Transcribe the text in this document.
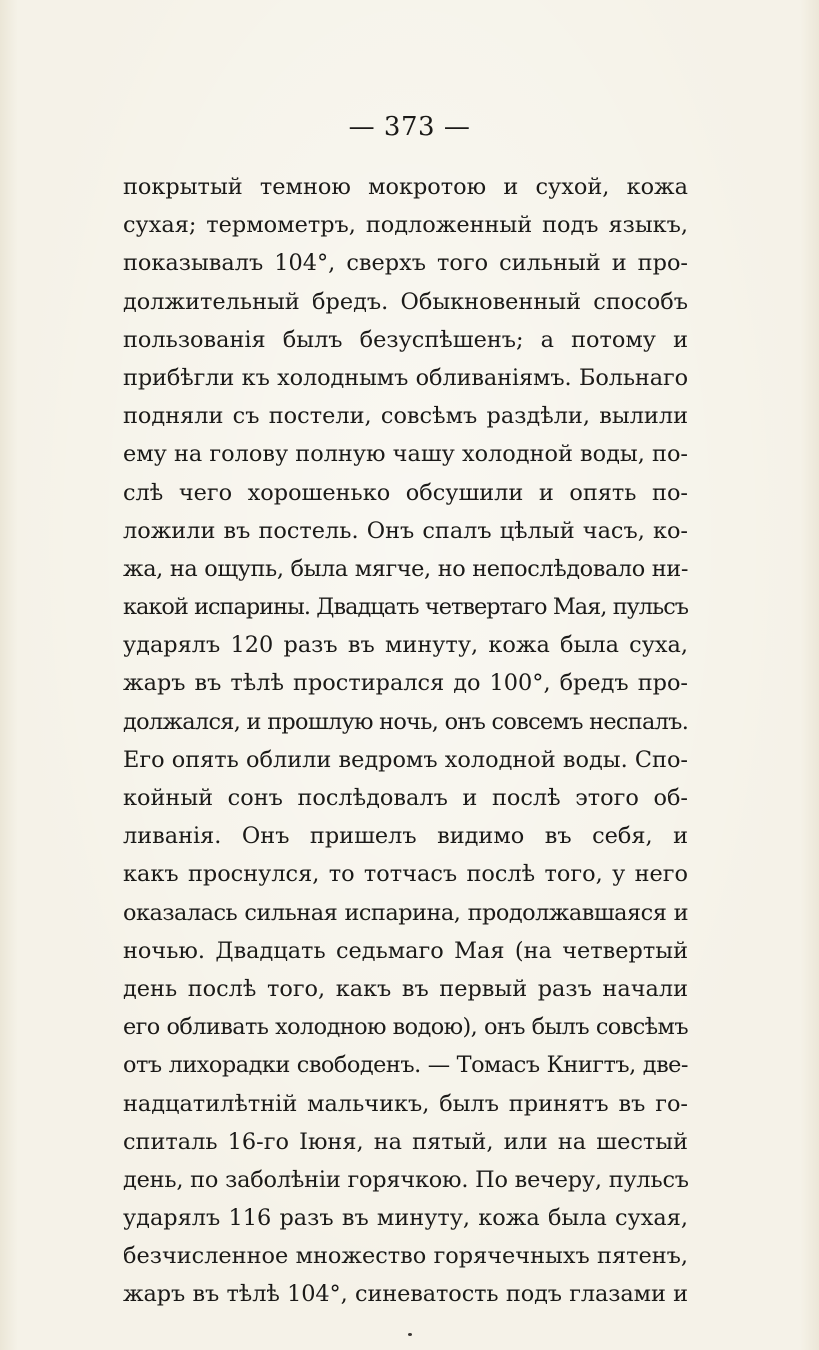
— 373 —
покрытый темною мокротою и сухой, кожа
сухая; термометръ, подложенный подъ языкъ,
показывалъ 104°, сверхъ того сильный и про-
должительный бредъ. Обыкновенный способъ
пользованія былъ безуспѣшенъ; а потому и
прибѣгли къ холоднымъ обливаніямъ. Больнаго
подняли съ постели, совсѣмъ раздѣли, вылили
ему на голову полную чашу холодной воды, по-
слѣ чего хорошенько обсушили и опять по-
ложили въ постель. Онъ спалъ цѣлый часъ, ко-
жа, на ощупь, была мягче, но непослѣдовало ни-
какой испарины. Двадцать четвертаго Мая, пульсъ
ударялъ 120 разъ въ минуту, кожа была суха,
жаръ въ тѣлѣ простирался до 100°, бредъ про-
должался, и прошлую ночь, онъ совсемъ неспалъ.
Его опять облили ведромъ холодной воды. Спо-
койный сонъ послѣдовалъ и послѣ этого об-
ливанія. Онъ пришелъ видимо въ себя, и
какъ проснулся, то тотчасъ послѣ того, у него
оказалась сильная испарина, продолжавшаяся и
ночью. Двадцать седьмаго Мая (на четвертый
день послѣ того, какъ въ первый разъ начали
его обливать холодною водою), онъ былъ совсѣмъ
отъ лихорадки свободенъ. — Томасъ Книгтъ, две-
надцатилѣтній мальчикъ, былъ принятъ въ го-
спиталь 16-го Іюня, на пятый, или на шестый
день, по заболѣніи горячкою. По вечеру, пульсъ
ударялъ 116 разъ въ минуту, кожа была сухая,
безчисленное множество горячечныхъ пятенъ,
жаръ въ тѣлѣ 104°, синеватость подъ глазами и
